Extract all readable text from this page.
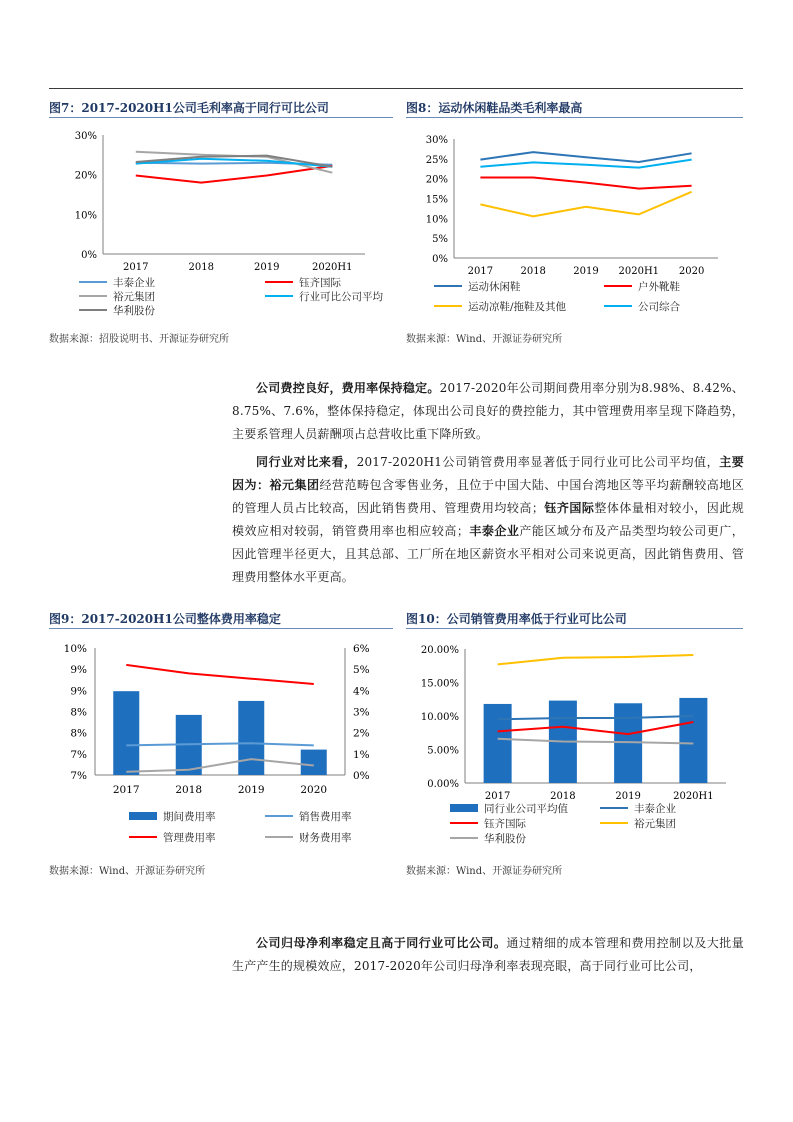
图7：2017-2020H1公司毛利率高于同行可比公司
0%
10%
20%
30%
2017	2018	2019	2020H1
丰泰企业	钰齐国际
裕元集团	行业可比公司平均
华利股份
数据来源：招股说明书、开源证券研究所
图8：运动休闲鞋品类毛利率最高
0%
5%
10%
15%
20%
25%
30%
2017	2018	2019 2020H1 2020
运动休闲鞋	户外靴鞋
运动凉鞋/拖鞋及其他	公司综合
数据来源：Wind、开源证券研究所

公司费控良好，费用率保持稳定。2017-2020年公司期间费用率分别为8.98%、8.42%、8.75%、7.6%，整体保持稳定，体现出公司良好的费控能力，其中管理费用率呈现下降趋势，主要系管理人员薪酬项占总营收比重下降所致。

同行业对比来看，2017-2020H1公司销管费用率显著低于同行业可比公司平均值，主要因为：裕元集团经营范畴包含零售业务，且位于中国大陆、中国台湾地区等平均薪酬较高地区的管理人员占比较高，因此销售费用、管理费用均较高；钰齐国际整体体量相对较小，因此规模效应相对较弱，销管费用率也相应较高；丰泰企业产能区域分布及产品类型均较公司更广，因此管理半径更大，且其总部、工厂所在地区薪资水平相对公司来说更高，因此销售费用、管理费用整体水平更高。

图9：2017-2020H1公司整体费用率稳定
7%
7%
8%
8%
9%
9%
10%
0%
1%
2%
3%
4%
5%
6%
2017	2018	2019	2020
期间费用率	销售费用率
管理费用率	财务费用率
数据来源：Wind、开源证券研究所
图10：公司销管费用率低于行业可比公司
0.00%
5.00%
10.00%
15.00%
20.00%
2017	2018	2019	2020H1
同行业公司平均值	丰泰企业
钰齐国际	裕元集团
华利股份
数据来源：Wind、开源证券研究所

公司归母净利率稳定且高于同行业可比公司。通过精细的成本管理和费用控制以及大批量生产产生的规模效应，2017-2020年公司归母净利率表现亮眼，高于同行业可比公司，
